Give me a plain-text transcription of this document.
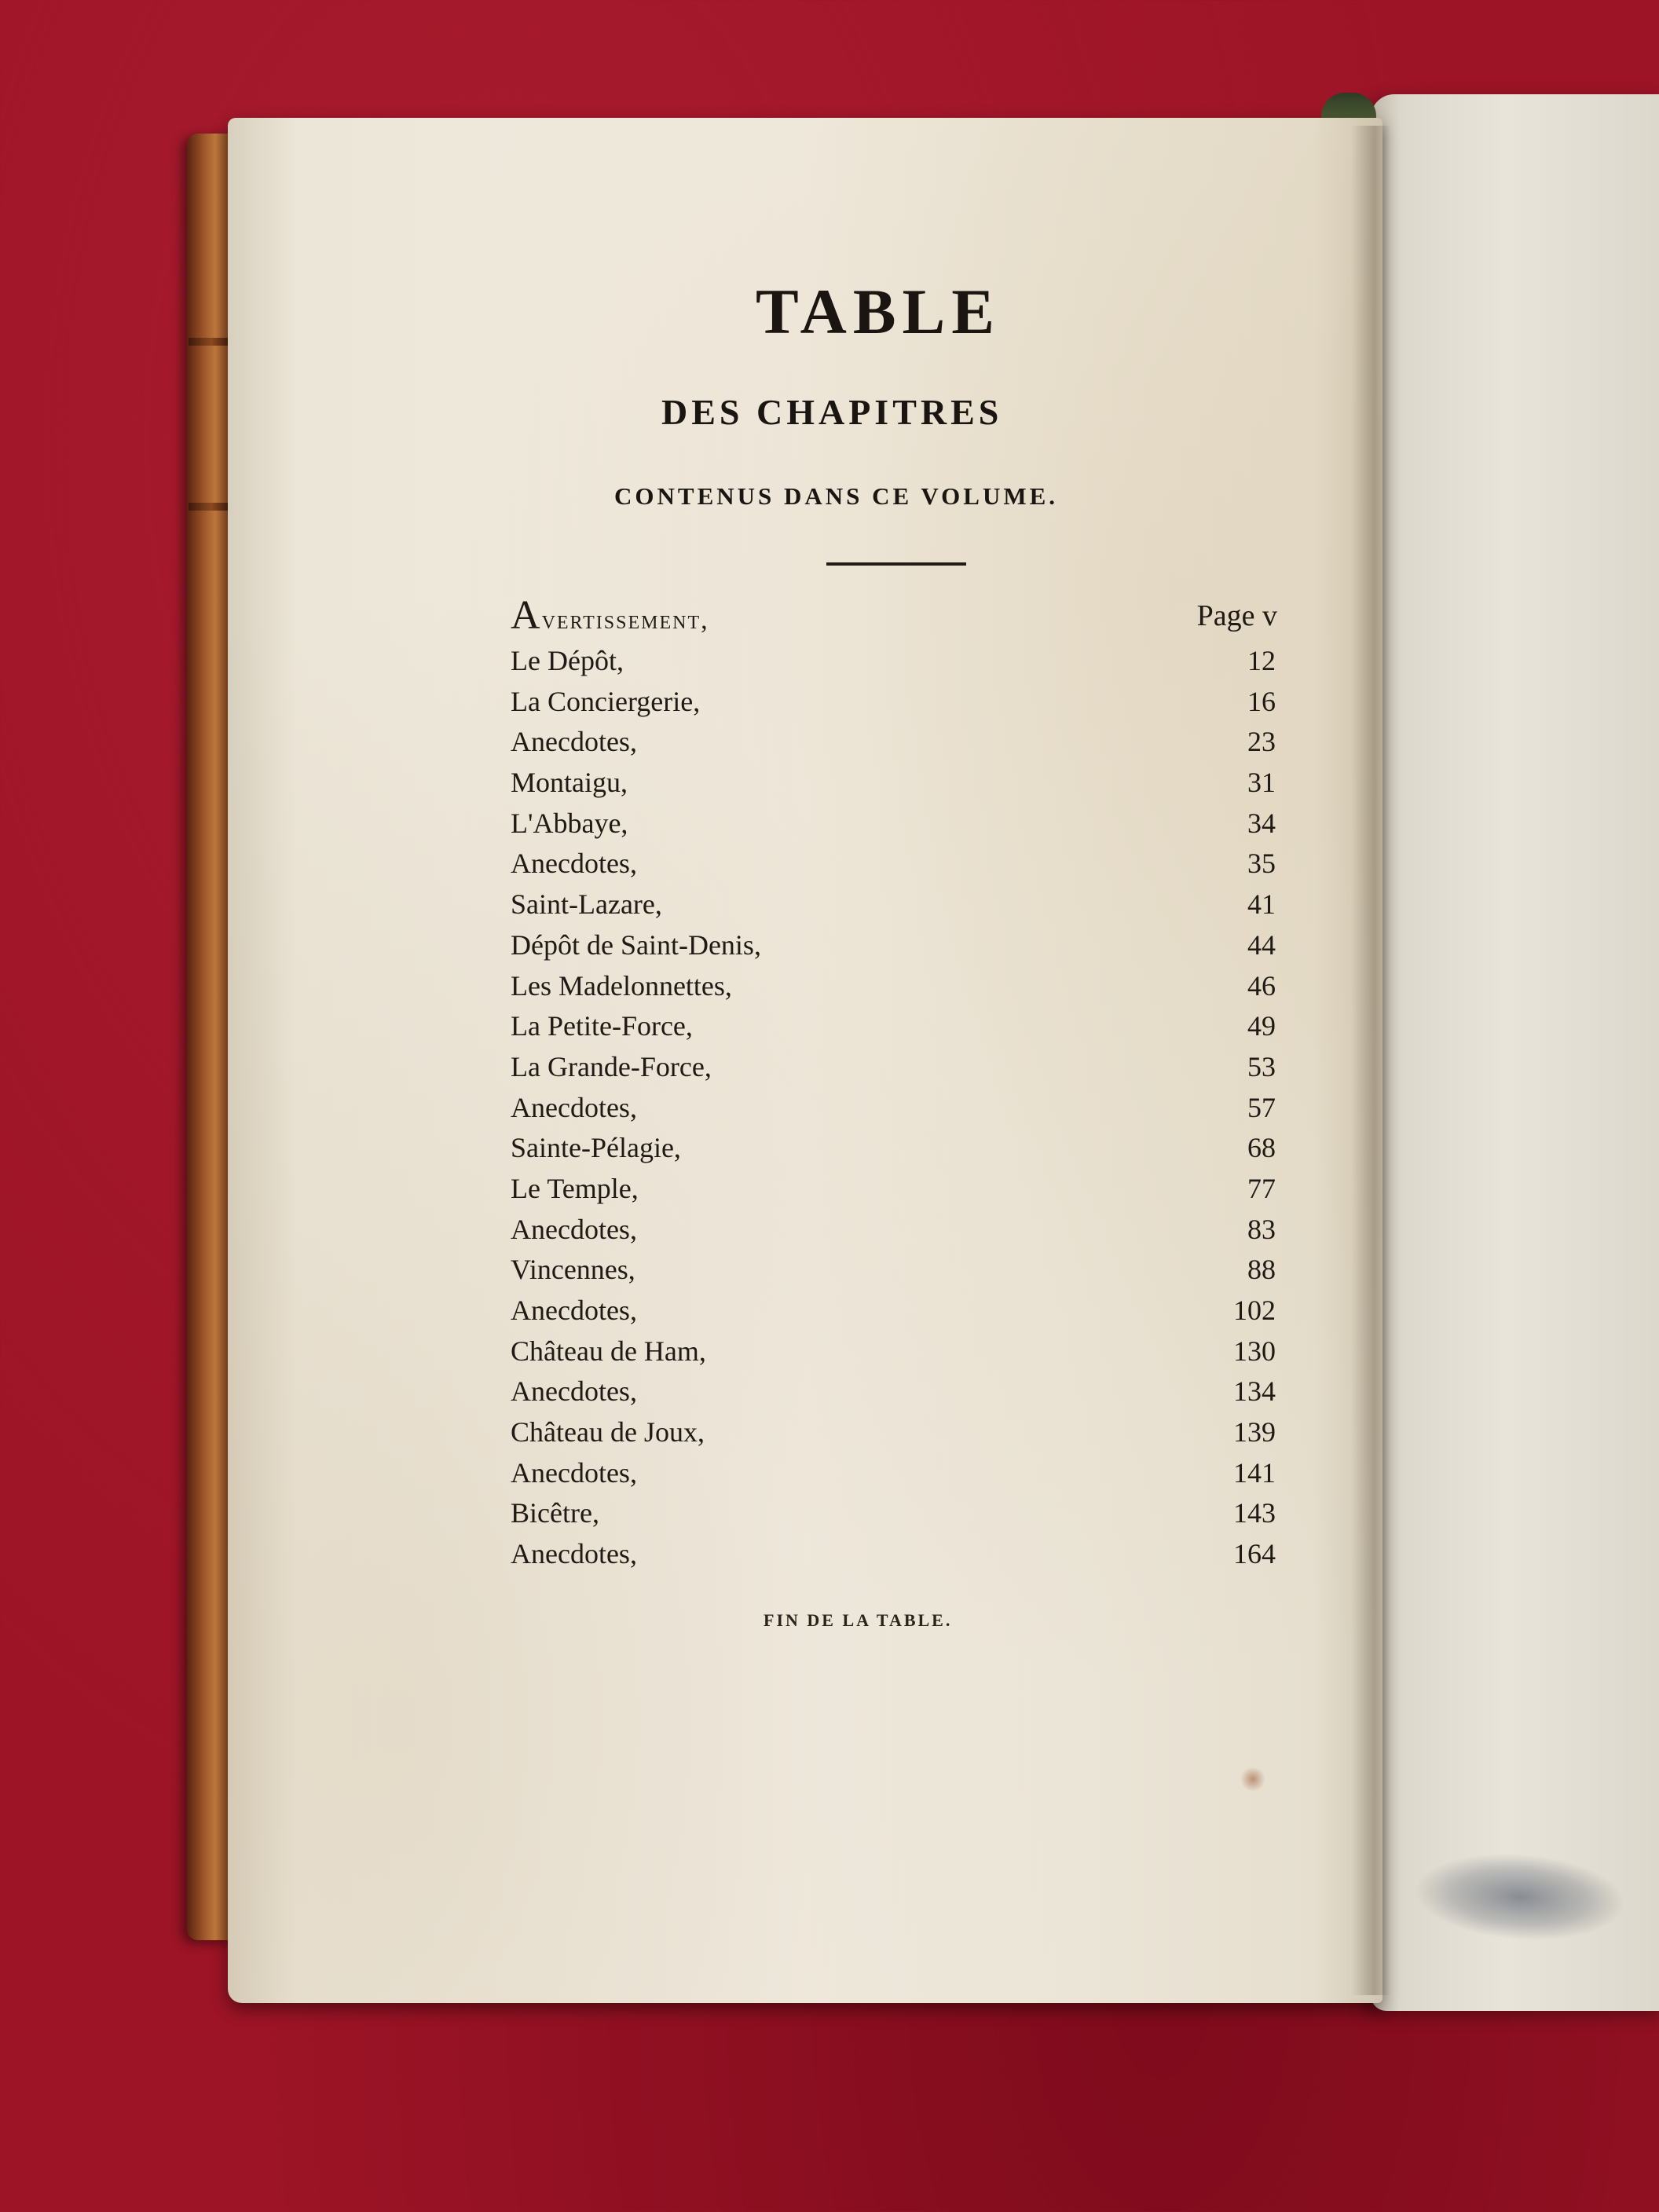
TABLE
DES CHAPITRES
CONTENUS DANS CE VOLUME.
Avertissement,	Page v
Le Dépôt,	12
La Conciergerie,	16
Anecdotes,	23
Montaigu,	31
L'Abbaye,	34
Anecdotes,	35
Saint-Lazare,	41
Dépôt de Saint-Denis,	44
Les Madelonnettes,	46
La Petite-Force,	49
La Grande-Force,	53
Anecdotes,	57
Sainte-Pélagie,	68
Le Temple,	77
Anecdotes,	83
Vincennes,	88
Anecdotes,	102
Château de Ham,	130
Anecdotes,	134
Château de Joux,	139
Anecdotes,	141
Bicêtre,	143
Anecdotes,	164
FIN DE LA TABLE.
